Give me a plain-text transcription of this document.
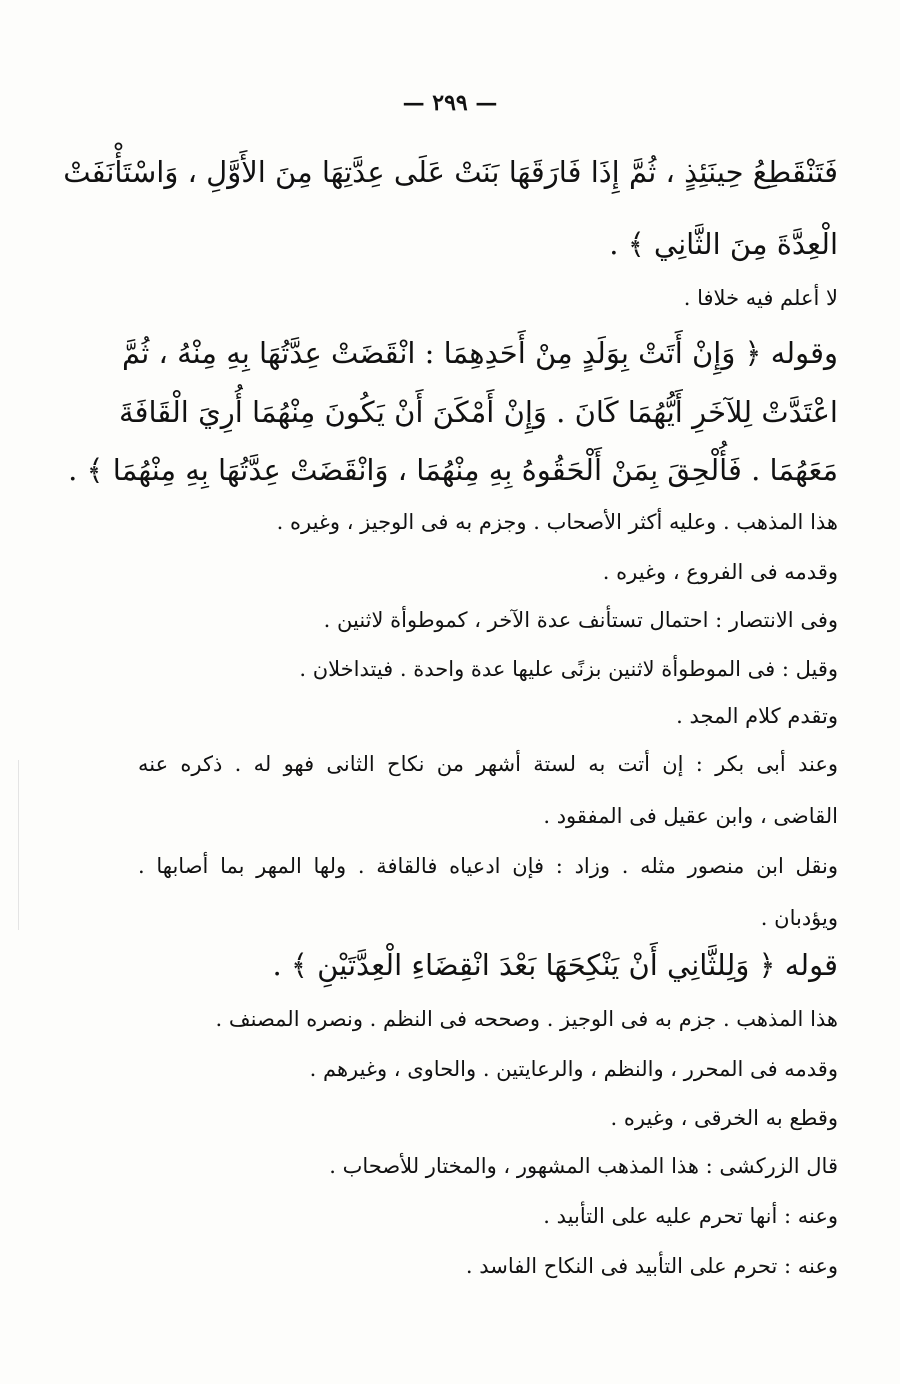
— ٢٩٩ —
فَتَنْقَطِعُ حِينَئِذٍ ، ثُمَّ إِذَا فَارَقَهَا بَنَتْ عَلَى عِدَّتِهَا مِنَ الأَوَّلِ ، وَاسْتَأْنَفَتْ
الْعِدَّةَ مِنَ الثَّانِي ﴾ .
لا أعلم فيه خلافا .
وقوله ﴿ وَإِنْ أَتَتْ بِوَلَدٍ مِنْ أَحَدِهِمَا : انْقَضَتْ عِدَّتُهَا بِهِ مِنْهُ ، ثُمَّ
اعْتَدَّتْ لِلآخَرِ أَيُّهُمَا كَانَ . وَإِنْ أَمْكَنَ أَنْ يَكُونَ مِنْهُمَا أُرِيَ الْقَافَةَ
مَعَهُمَا . فَأُلْحِقَ بِمَنْ أَلْحَقُوهُ بِهِ مِنْهُمَا ، وَانْقَضَتْ عِدَّتُهَا بِهِ مِنْهُمَا ﴾ .
هذا المذهب . وعليه أكثر الأصحاب . وجزم به فى الوجيز ، وغيره .
وقدمه فى الفروع ، وغيره .
وفى الانتصار : احتمال تستأنف عدة الآخر ، كموطوأة لاثنين .
وقيل : فى الموطوأة لاثنين بزنًى عليها عدة واحدة . فيتداخلان .
وتقدم كلام المجد .
وعند أبى بكر : إن أتت به لستة أشهر من نكاح الثانى فهو له . ذكره عنه
القاضى ، وابن عقيل فى المفقود .
ونقل ابن منصور مثله . وزاد : فإن ادعياه فالقافة . ولها المهر بما أصابها .
ويؤدبان .
قوله ﴿ وَلِلثَّانِي أَنْ يَنْكِحَهَا بَعْدَ انْقِضَاءِ الْعِدَّتَيْنِ ﴾ .
هذا المذهب . جزم به فى الوجيز . وصححه فى النظم . ونصره المصنف .
وقدمه فى المحرر ، والنظم ، والرعايتين . والحاوى ، وغيرهم .
وقطع به الخرقى ، وغيره .
قال الزركشى : هذا المذهب المشهور ، والمختار للأصحاب .
وعنه : أنها تحرم عليه على التأبيد .
وعنه : تحرم على التأبيد فى النكاح الفاسد .
